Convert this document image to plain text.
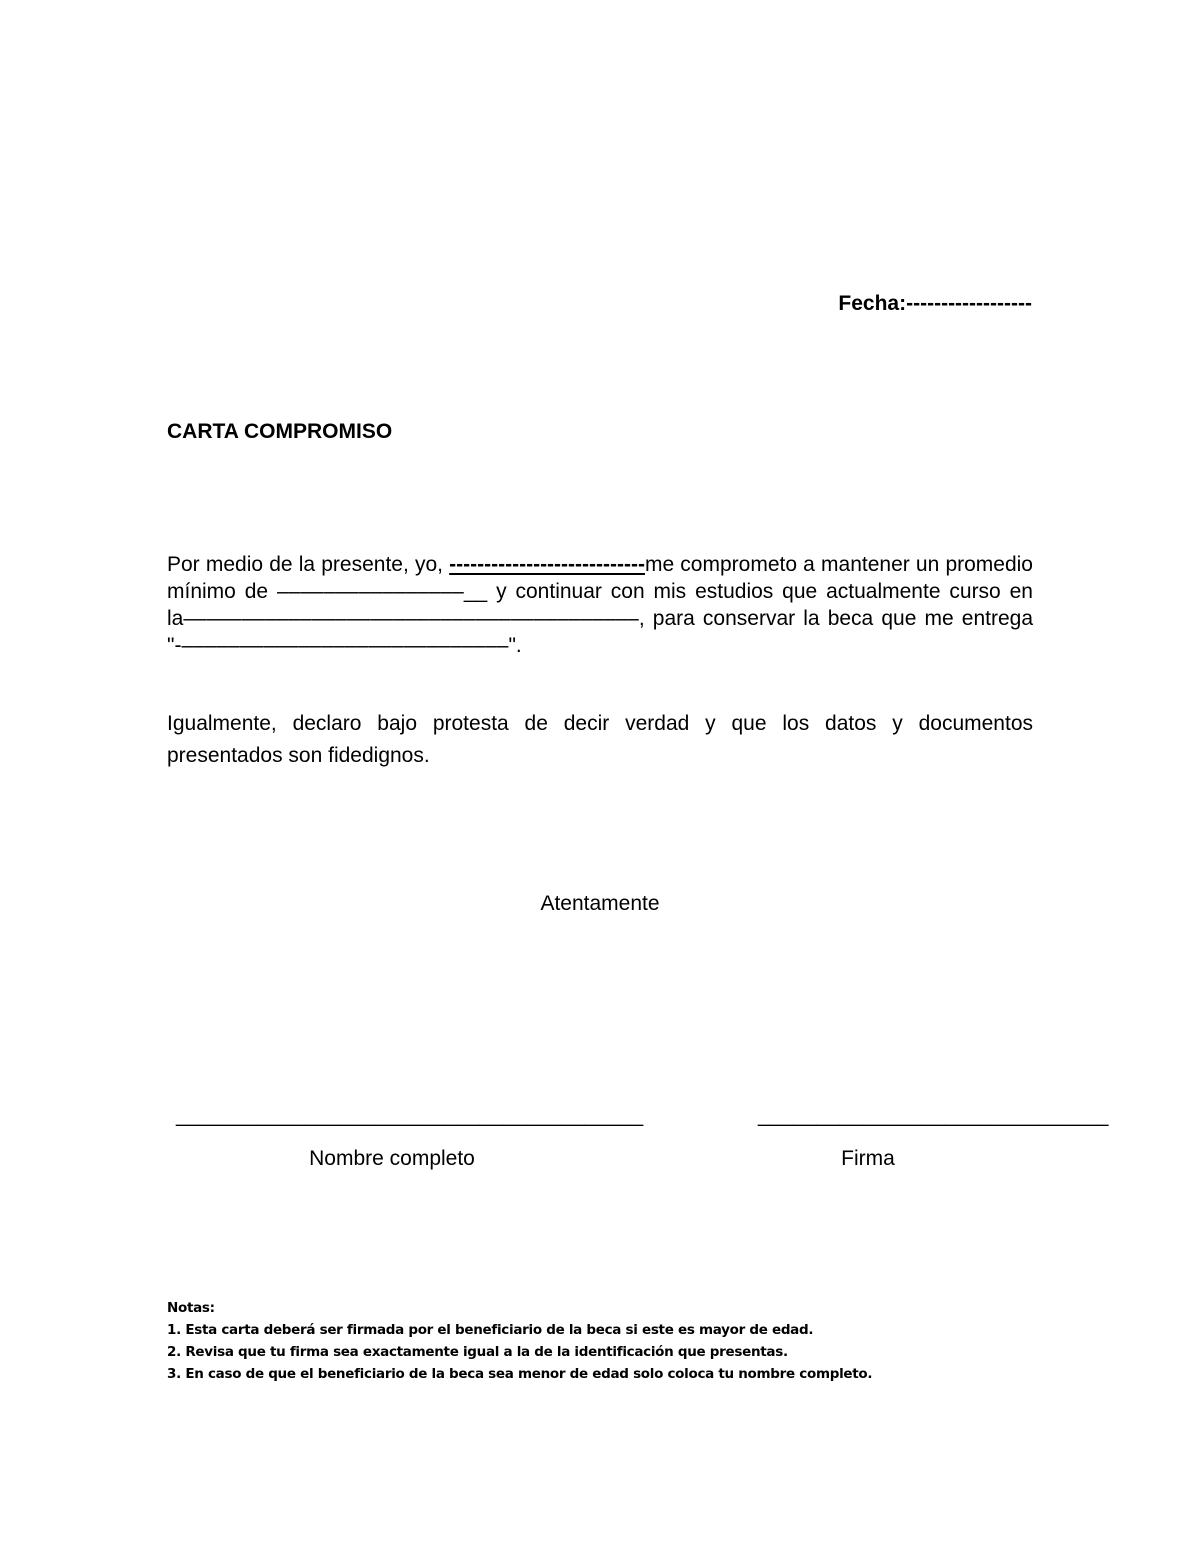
Fecha:------------------
CARTA COMPROMISO
Por medio de la presente, yo, ----------------------------me comprometo a mantener un promedio mínimo de ––––––––––––––––__ y continuar con mis estudios que actualmente curso en la–––––––––––––––––––––––––––––––––––––––, para conservar la beca que me entrega "-––––––––––––––––––––––––––––".
Igualmente, declaro bajo protesta de decir verdad y que los datos y documentos presentados son fidedignos.
Atentamente
________________________________________	______________________________
Nombre completo	Firma
Notas:
1. Esta carta deberá ser firmada por el beneficiario de la beca si este es mayor de edad.
2. Revisa que tu firma sea exactamente igual a la de la identificación que presentas.
3. En caso de que el beneficiario de la beca sea menor de edad solo coloca tu nombre completo.
